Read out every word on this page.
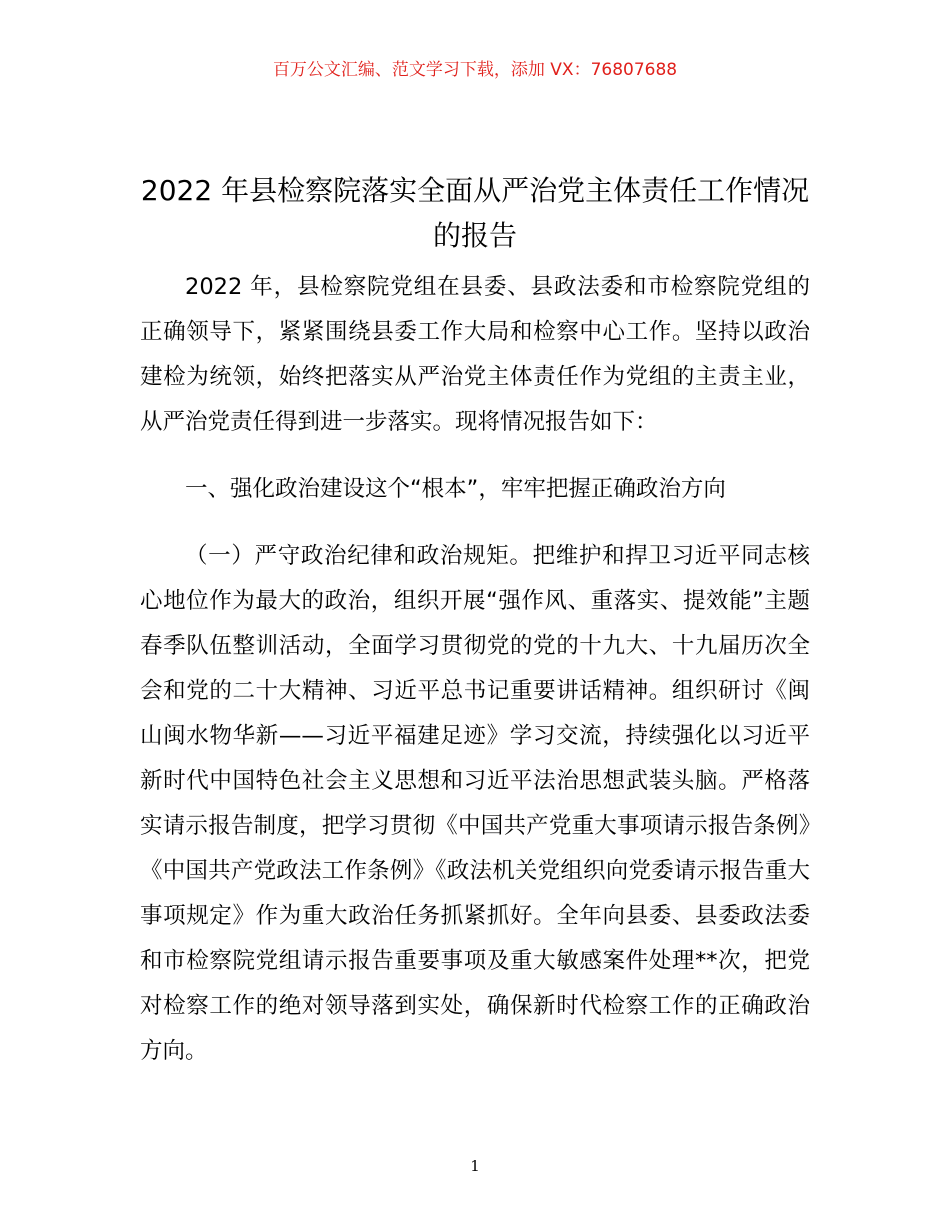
百万公文汇编、范文学习下载，添加 VX：76807688
2022 年县检察院落实全面从严治党主体责任工作情况的报告

2022 年，县检察院党组在县委、县政法委和市检察院党组的正确领导下，紧紧围绕县委工作大局和检察中心工作。坚持以政治建检为统领，始终把落实从严治党主体责任作为党组的主责主业，从严治党责任得到进一步落实。现将情况报告如下：

一、强化政治建设这个“根本”，牢牢把握正确政治方向

（一）严守政治纪律和政治规矩。把维护和捍卫习近平同志核心地位作为最大的政治，组织开展“强作风、重落实、提效能”主题春季队伍整训活动，全面学习贯彻党的党的十九大、十九届历次全会和党的二十大精神、习近平总书记重要讲话精神。组织研讨《闽山闽水物华新——习近平福建足迹》学习交流，持续强化以习近平新时代中国特色社会主义思想和习近平法治思想武装头脑。严格落实请示报告制度，把学习贯彻《中国共产党重大事项请示报告条例》《中国共产党政法工作条例》《政法机关党组织向党委请示报告重大事项规定》作为重大政治任务抓紧抓好。全年向县委、县委政法委和市检察院党组请示报告重要事项及重大敏感案件处理**次，把党对检察工作的绝对领导落到实处，确保新时代检察工作的正确政治方向。

1
